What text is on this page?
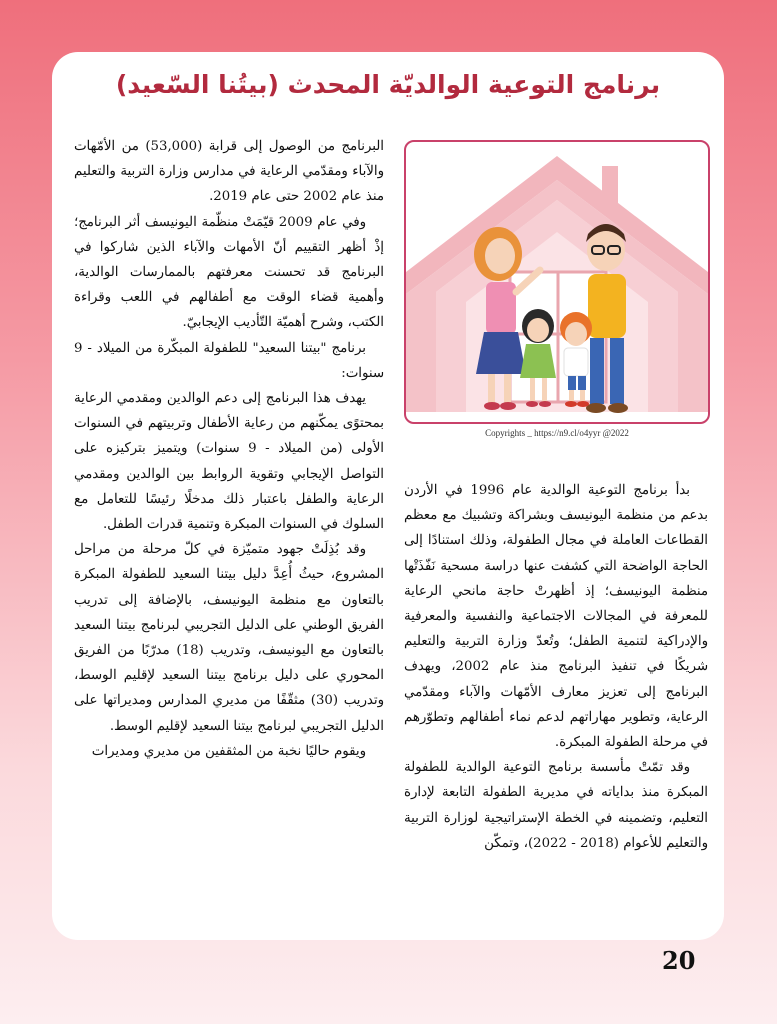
برنامج التوعية الوالديّة المحدث (بيتُنا السّعيد)
Copyrights _ https://n9.cl/o4yyr @2022

البرنامج من الوصول إلى قرابة (53,000) من الأمّهات والآباء ومقدّمي الرعاية في مدارس وزارة التربية والتعليم منذ عام 2002 حتى عام 2019.

وفي عام 2009 قيّمَتْ منظّمة اليونيسف أثر البرنامج؛ إذْ أظهر التقييم أنّ الأمهات والآباء الذين شاركوا في البرنامج قد تحسنت معرفتهم بالممارسات الوالدية، وأهمية قضاء الوقت مع أطفالهم في اللعب وقراءة الكتب، وشرح أهميّة التّأديب الإيجابيّ.

برنامج "بيتنا السعيد" للطفولة المبكّرة من الميلاد - 9 سنوات:

يهدف هذا البرنامج إلى دعم الوالدين ومقدمي الرعاية بمحتوًى يمكّنهم من رعاية الأطفال وتربيتهم في السنوات الأولى (من الميلاد - 9 سنوات) ويتميز بتركيزه على التواصل الإيجابي وتقوية الروابط بين الوالدين ومقدمي الرعاية والطفل باعتبار ذلك مدخلًا رئيسًا للتعامل مع السلوك في السنوات المبكرة وتنمية قدرات الطفل.

وقد بُذِلَتْ جهود متميّزة في كلّ مرحلة من مراحل المشروع، حيثُ أُعِدَّ دليل بيتنا السعيد للطفولة المبكرة بالتعاون مع منظمة اليونيسف، بالإضافة إلى تدريب الفريق الوطني على الدليل التجريبي لبرنامج بيتنا السعيد بالتعاون مع اليونيسف، وتدريب (18) مدرّبًا من الفريق المحوري على دليل برنامج بيتنا السعيد لإقليم الوسط، وتدريب (30) مثقّفًا من مديري المدارس ومديراتها على الدليل التجريبي لبرنامج بيتنا السعيد لإقليم الوسط.

ويقوم حاليًا نخبة من المثقفين من مديري ومديرات

بدأ برنامج التوعية الوالدية عام 1996 في الأردن بدعم من منظمة اليونيسف وبشراكة وتشبيك مع معظم القطاعات العاملة في مجال الطفولة، وذلك استنادًا إلى الحاجة الواضحة التي كشفت عنها دراسة مسحية نَفّذَتْها منظمة اليونيسف؛ إذ أظهرتْ حاجة مانحي الرعاية للمعرفة في المجالات الاجتماعية والنفسية والمعرفية والإدراكية لتنمية الطفل؛ وتُعدّ وزارة التربية والتعليم شريكًا في تنفيذ البرنامج منذ عام 2002، ويهدف البرنامج إلى تعزيز معارف الأمّهات والآباء ومقدّمي الرعاية، وتطوير مهاراتهم لدعم نماء أطفالهم وتطوّرهم في مرحلة الطفولة المبكرة.

وقد تمّتْ مأسسة برنامج التوعية الوالدية للطفولة المبكرة منذ بداياته في مديرية الطفولة التابعة لإدارة التعليم، وتضمينه في الخطة الإستراتيجية لوزارة التربية والتعليم للأعوام (2018 - 2022)، وتمكّن

20
